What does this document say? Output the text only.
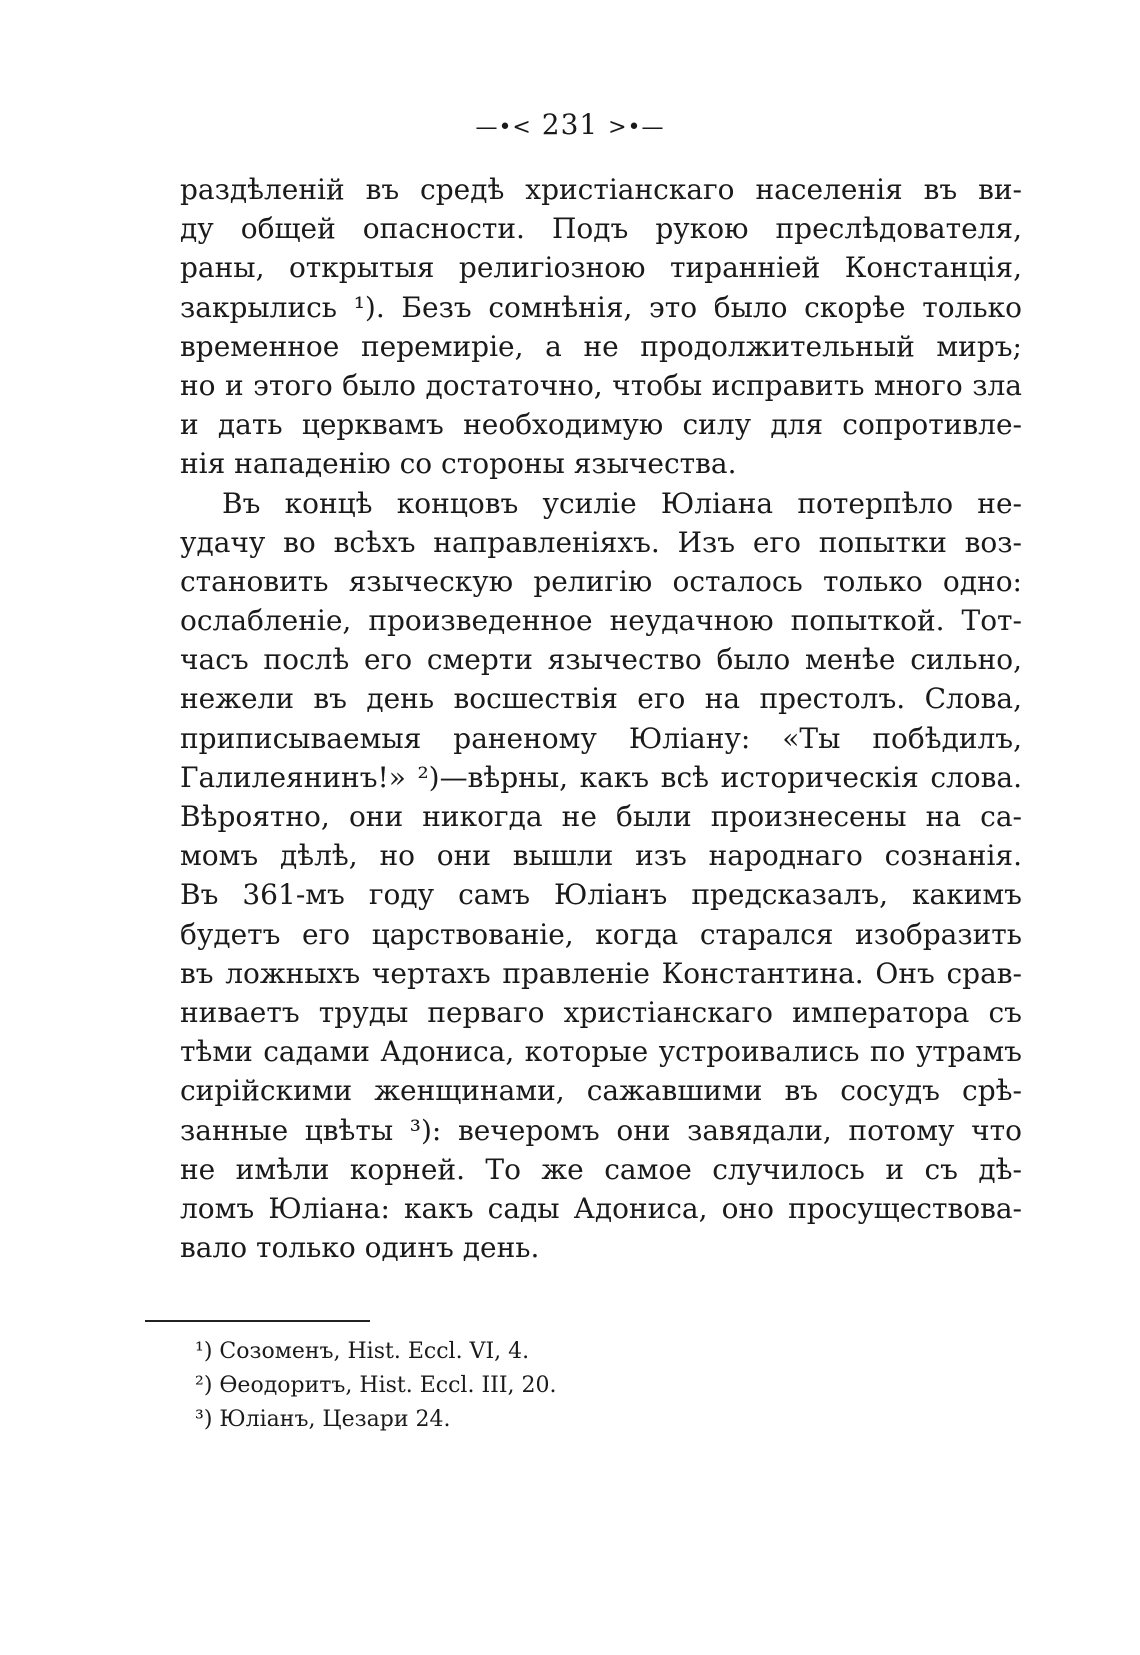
—•< 231 >•—
раздѣленій въ средѣ христіанскаго населенія въ ви-
ду общей опасности. Подъ рукою преслѣдователя,
раны, открытыя религіозною тиранніей Констанція,
закрылись ¹). Безъ сомнѣнія, это было скорѣе только
временное перемиріе, а не продолжительный миръ;
но и этого было достаточно, чтобы исправить много зла
и дать церквамъ необходимую силу для сопротивле-
нія нападенію со стороны язычества.
Въ концѣ концовъ усиліе Юліана потерпѣло не-
удачу во всѣхъ направленіяхъ. Изъ его попытки воз-
становить языческую религію осталось только одно:
ослабленіе, произведенное неудачною попыткой. Тот-
часъ послѣ его смерти язычество было менѣе сильно,
нежели въ день восшествія его на престолъ. Слова,
приписываемыя раненому Юліану: «Ты побѣдилъ,
Галилеянинъ!» ²)—вѣрны, какъ всѣ историческія слова.
Вѣроятно, они никогда не были произнесены на са-
момъ дѣлѣ, но они вышли изъ народнаго сознанія.
Въ 361-мъ году самъ Юліанъ предсказалъ, какимъ
будетъ его царствованіе, когда старался изобразить
въ ложныхъ чертахъ правленіе Константина. Онъ срав-
ниваетъ труды перваго христіанскаго императора съ
тѣми садами Адониса, которые устроивались по утрамъ
сирійскими женщинами, сажавшими въ сосудъ срѣ-
занные цвѣты ³): вечеромъ они завядали, потому что
не имѣли корней. То же самое случилось и съ дѣ-
ломъ Юліана: какъ сады Адониса, оно просуществова-
вало только одинъ день.
¹) Созоменъ, Hist. Eccl. VI, 4.
²) Өеодоритъ, Hist. Eccl. III, 20.
³) Юліанъ, Цезари 24.
